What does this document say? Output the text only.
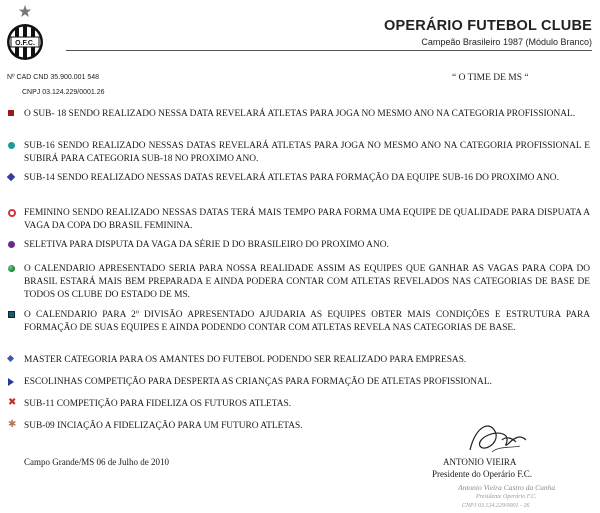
O.F.C.
OPERÁRIO FUTEBOL CLUBE
Campeão Brasileiro 1987 (Módulo Branco)
Nº CAD CND 35.900.001 548
CNPJ 03.124.229/0001.26
“ O TIME DE MS “
O SUB- 18 SENDO REALIZADO NESSA DATA REVELARÁ ATLETAS PARA JOGA NO MESMO ANO NA CATEGORIA PROFISSIONAL.
SUB-16 SENDO REALIZADO NESSAS DATAS REVELARÁ ATLETAS PARA JOGA NO MESMO ANO NA CATEGORIA PROFISSIONAL E SUBIRÁ PARA CATEGORIA SUB-18 NO PROXIMO ANO.
SUB-14 SENDO REALIZADO NESSAS DATAS REVELARÁ ATLETAS PARA FORMAÇÃO DA EQUIPE SUB-16 DO PROXIMO ANO.
FEMININO SENDO REALIZADO NESSAS DATAS TERÁ MAIS TEMPO PARA FORMA UMA EQUIPE DE QUALIDADE PARA DISPUATA A VAGA DA COPA DO BRASIL FEMININA.
SELETIVA PARA DISPUTA DA VAGA DA SÉRIE D DO BRASILEIRO DO PROXIMO ANO.
O CALENDARIO APRESENTADO SERIA PARA NOSSA REALIDADE ASSIM AS EQUIPES QUE GANHAR AS VAGAS PARA COPA DO BRASIL ESTARÁ MAIS BEM PREPARADA E AINDA PODERA CONTAR COM ATLETAS REVELADOS NAS CATEGORIAS DE BASE DE TODOS OS CLUBE DO ESTADO DE MS.
O CALENDARIO PARA 2º DIVISÃO APRESENTADO AJUDARIA AS EQUIPES OBTER MAIS CONDIÇÕES E ESTRUTURA PARA FORMAÇÃO DE SUAS EQUIPES E AINDA PODENDO CONTAR COM ATLETAS REVELA NAS CATEGORIAS DE BASE.
MASTER CATEGORIA PARA OS AMANTES DO FUTEBOL PODENDO SER REALIZADO PARA EMPRESAS.
ESCOLINHAS COMPETIÇÃO PARA DESPERTA AS CRIANÇAS PARA FORMAÇÃO DE ATLETAS PROFISSIONAL.
✖ SUB-11 COMPETIÇÃO PARA FIDELIZA OS FUTUROS ATLETAS.
✱ SUB-09 INCIAÇÃO A FIDELIZAÇÃO PARA UM FUTURO ATLETAS.
Campo Grande/MS 06 de Julho de 2010	ANTONIO VIEIRA
Presidente do Operário F.C.
Antonio Vieira Castro da Cunha
Presidente Operário F.C.
CNPJ 03.124.229/0001 - 26
